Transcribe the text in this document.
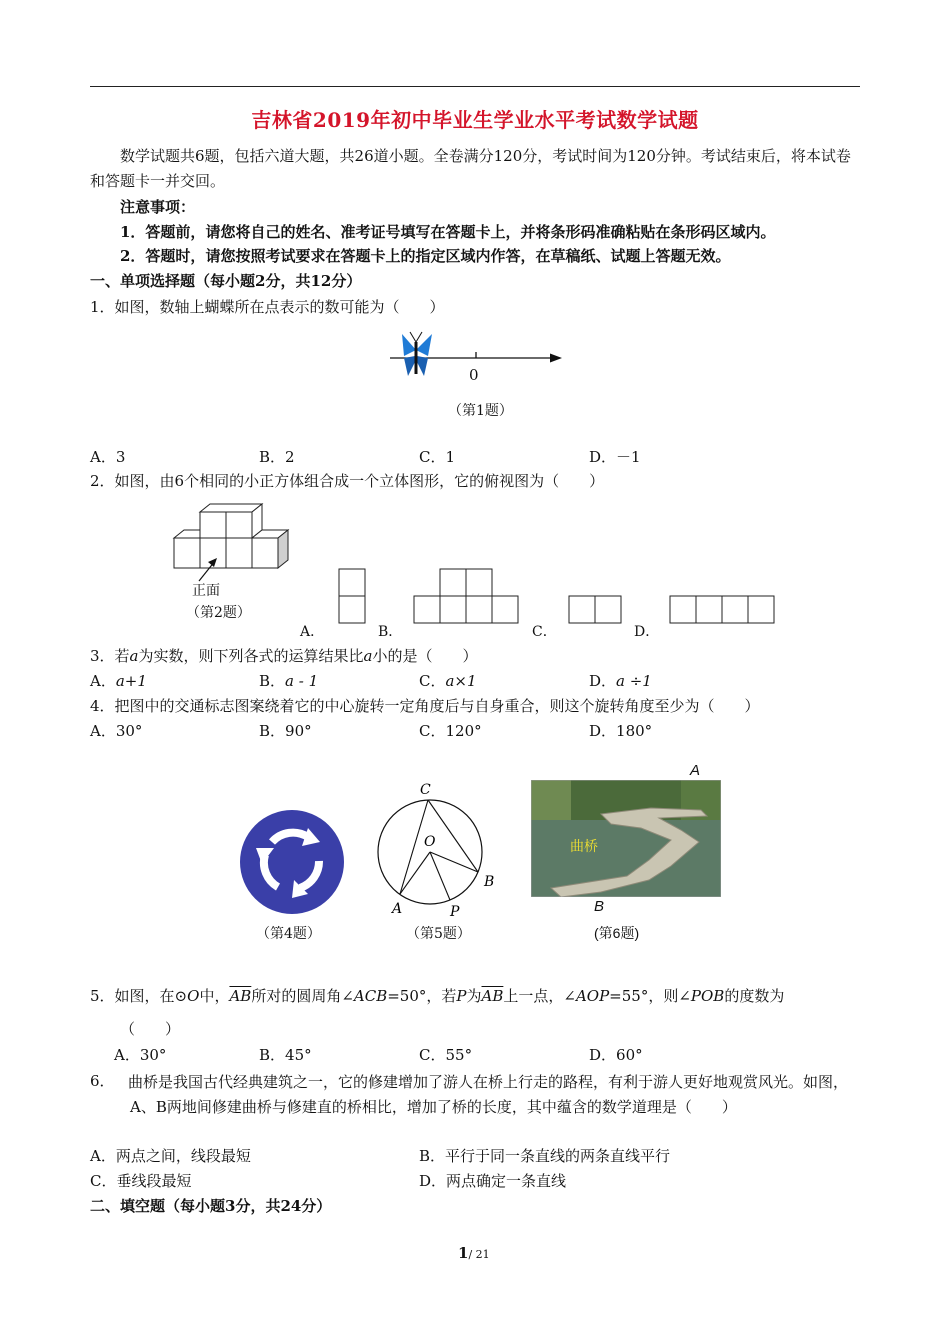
吉林省2019年初中毕业生学业水平考试数学试题
数学试题共6题，包括六道大题，共26道小题。全卷满分120分，考试时间为120分钟。考试结束后，将本试卷和答题卡一并交回。
注意事项：
1．答题前，请您将自己的姓名、准考证号填写在答题卡上，并将条形码准确粘贴在条形码区域内。
2．答题时，请您按照考试要求在答题卡上的指定区域内作答，在草稿纸、试题上答题无效。
一、单项选择题（每小题2分，共12分）
1．如图，数轴上蝴蝶所在点表示的数可能为（　　）
0
（第1题）
A．3	B．2	C．1	D．－1
2．如图，由6个相同的小正方体组合成一个立体图形，它的俯视图为（　　）
正面
（第2题）
A．	B．	C．	D．
3．若a为实数，则下列各式的运算结果比a小的是（　　）
A．a+1	B．a - 1	C．a×1	D．a ÷1
4．把图中的交通标志图案绕着它的中心旋转一定角度后与自身重合，则这个旋转角度至少为（　　）
A．30°	B．90°	C．120°	D．180°
（第4题）
C
O
A
B
P
（第5题）
曲桥
A
B
(第6题)
5．如图，在⊙O中，$\overline{AB}$所对的圆周角∠ACB=50°，若P为$\overline{AB}$上一点，∠AOP=55°，则∠POB的度数为
（　　）
A．30°	B．45°	C．55°	D．60°
6． 曲桥是我国古代经典建筑之一，它的修建增加了游人在桥上行走的路程，有利于游人更好地观赏风光。如图，A、B两地间修建曲桥与修建直的桥相比，增加了桥的长度，其中蕴含的数学道理是（　　）
A．两点之间，线段最短	B．平行于同一条直线的两条直线平行
C．垂线段最短	D．两点确定一条直线
二、填空题（每小题3分，共24分）
1/ 21
